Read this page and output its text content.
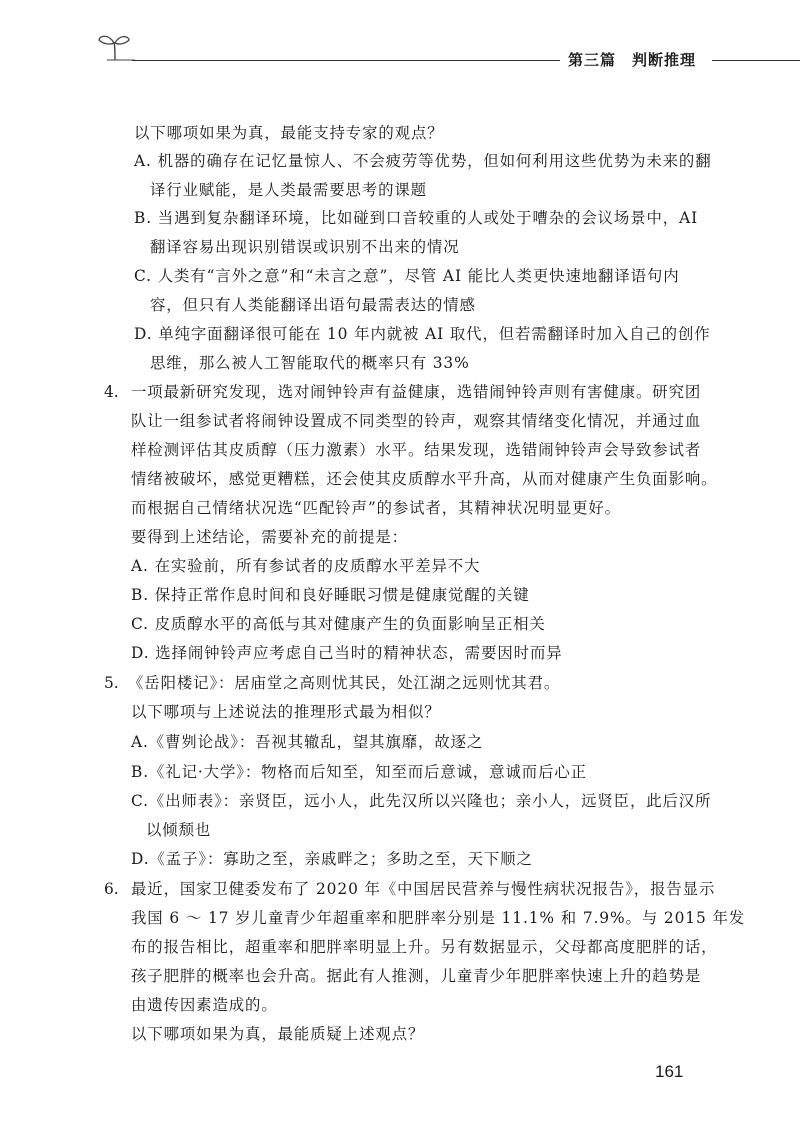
第三篇　判断推理
以下哪项如果为真，最能支持专家的观点？
A. 机器的确存在记忆量惊人、不会疲劳等优势，但如何利用这些优势为未来的翻
译行业赋能，是人类最需要思考的课题
B. 当遇到复杂翻译环境，比如碰到口音较重的人或处于嘈杂的会议场景中，AI
翻译容易出现识别错误或识别不出来的情况
C. 人类有“言外之意”和“未言之意”，尽管 AI 能比人类更快速地翻译语句内
容，但只有人类能翻译出语句最需表达的情感
D. 单纯字面翻译很可能在 10 年内就被 AI 取代，但若需翻译时加入自己的创作
思维，那么被人工智能取代的概率只有 33%
4. 一项最新研究发现，选对闹钟铃声有益健康，选错闹钟铃声则有害健康。研究团
队让一组参试者将闹钟设置成不同类型的铃声，观察其情绪变化情况，并通过血
样检测评估其皮质醇（压力激素）水平。结果发现，选错闹钟铃声会导致参试者
情绪被破坏，感觉更糟糕，还会使其皮质醇水平升高，从而对健康产生负面影响。
而根据自己情绪状况选“匹配铃声”的参试者，其精神状况明显更好。
要得到上述结论，需要补充的前提是：
A. 在实验前，所有参试者的皮质醇水平差异不大
B. 保持正常作息时间和良好睡眠习惯是健康觉醒的关键
C. 皮质醇水平的高低与其对健康产生的负面影响呈正相关
D. 选择闹钟铃声应考虑自己当时的精神状态，需要因时而异
5. 《岳阳楼记》：居庙堂之高则忧其民，处江湖之远则忧其君。
以下哪项与上述说法的推理形式最为相似？
A.《曹刿论战》：吾视其辙乱，望其旗靡，故逐之
B.《礼记·大学》：物格而后知至，知至而后意诚，意诚而后心正
C.《出师表》：亲贤臣，远小人，此先汉所以兴隆也；亲小人，远贤臣，此后汉所
以倾颓也
D.《孟子》：寡助之至，亲戚畔之；多助之至，天下顺之
6. 最近，国家卫健委发布了 2020 年《中国居民营养与慢性病状况报告》，报告显示
我国 6 ～ 17 岁儿童青少年超重率和肥胖率分别是 11.1% 和 7.9%。与 2015 年发
布的报告相比，超重率和肥胖率明显上升。另有数据显示，父母都高度肥胖的话，
孩子肥胖的概率也会升高。据此有人推测，儿童青少年肥胖率快速上升的趋势是
由遗传因素造成的。
以下哪项如果为真，最能质疑上述观点？
161
